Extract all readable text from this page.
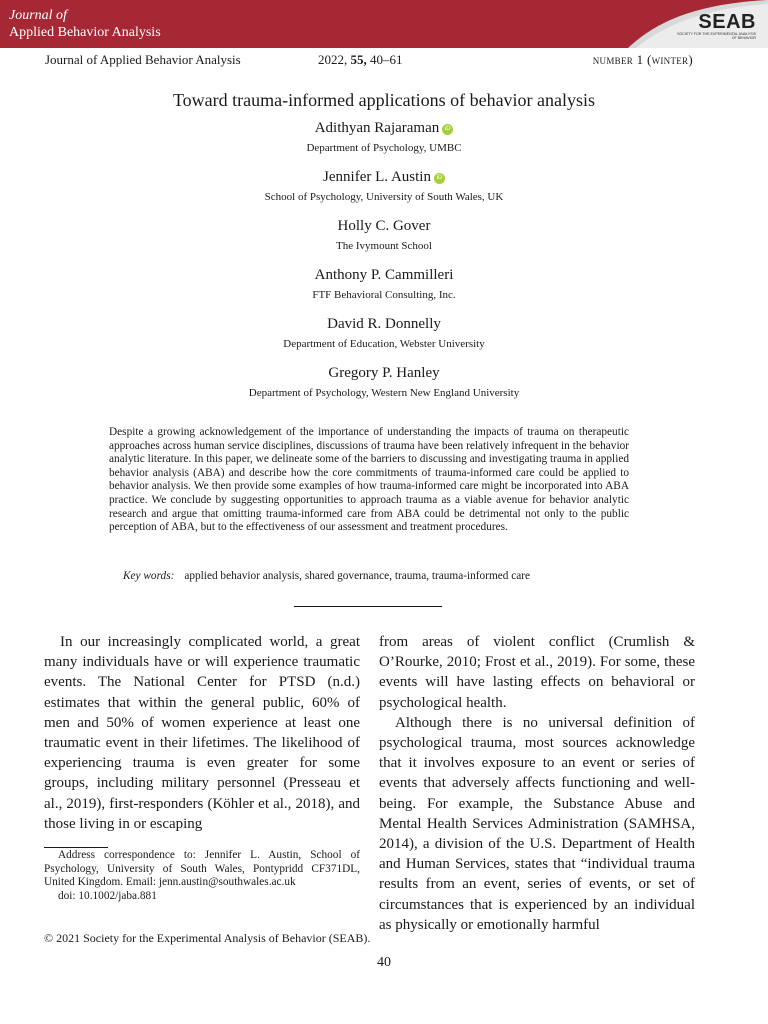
Journal of
Applied Behavior Analysis	SEAB
SOCIETY FOR THE EXPERIMENTAL ANALYSIS OF BEHAVIOR
Journal of Applied Behavior Analysis	2022, 55, 40–61	number 1 (winter)
Toward trauma-informed applications of behavior analysis
Adithyan Rajaraman iD
Department of Psychology, UMBC
Jennifer L. Austin iD
School of Psychology, University of South Wales, UK
Holly C. Gover
The Ivymount School
Anthony P. Cammilleri
FTF Behavioral Consulting, Inc.
David R. Donnelly
Department of Education, Webster University
Gregory P. Hanley
Department of Psychology, Western New England University
Despite a growing acknowledgement of the importance of understanding the impacts of trauma on therapeutic approaches across human service disciplines, discussions of trauma have been relatively infrequent in the behavior analytic literature. In this paper, we delineate some of the barriers to discussing and investigating trauma in applied behavior analysis (ABA) and describe how the core commitments of trauma-informed care could be applied to behavior analysis. We then provide some examples of how trauma-informed care might be incorporated into ABA practice. We conclude by suggesting opportunities to approach trauma as a viable avenue for behavior analytic research and argue that omitting trauma-informed care from ABA could be detrimental not only to the public perception of ABA, but to the effectiveness of our assessment and treatment procedures.
Key words: applied behavior analysis, shared governance, trauma, trauma-informed care

In our increasingly complicated world, a great many individuals have or will experience traumatic events. The National Center for PTSD (n.d.) estimates that within the general public, 60% of men and 50% of women experience at least one traumatic event in their lifetimes. The likelihood of experiencing trauma is even greater for some groups, including military personnel (Presseau et al., 2019), first-responders (Köhler et al., 2018), and those living in or escaping

from areas of violent conflict (Crumlish & O’Rourke, 2010; Frost et al., 2019). For some, these events will have lasting effects on behavioral or psychological health.

Although there is no universal definition of psychological trauma, most sources acknowledge that it involves exposure to an event or series of events that adversely affects functioning and well-being. For example, the Substance Abuse and Mental Health Services Administration (SAMHSA, 2014), a division of the U.S. Department of Health and Human Services, states that “individual trauma results from an event, series of events, or set of circumstances that is experienced by an individual as physically or emotionally harmful

Address correspondence to: Jennifer L. Austin, School of Psychology, University of South Wales, Pontypridd CF371DL, United Kingdom. Email: jenn.austin@southwales.ac.uk

doi: 10.1002/jaba.881

© 2021 Society for the Experimental Analysis of Behavior (SEAB).
40
